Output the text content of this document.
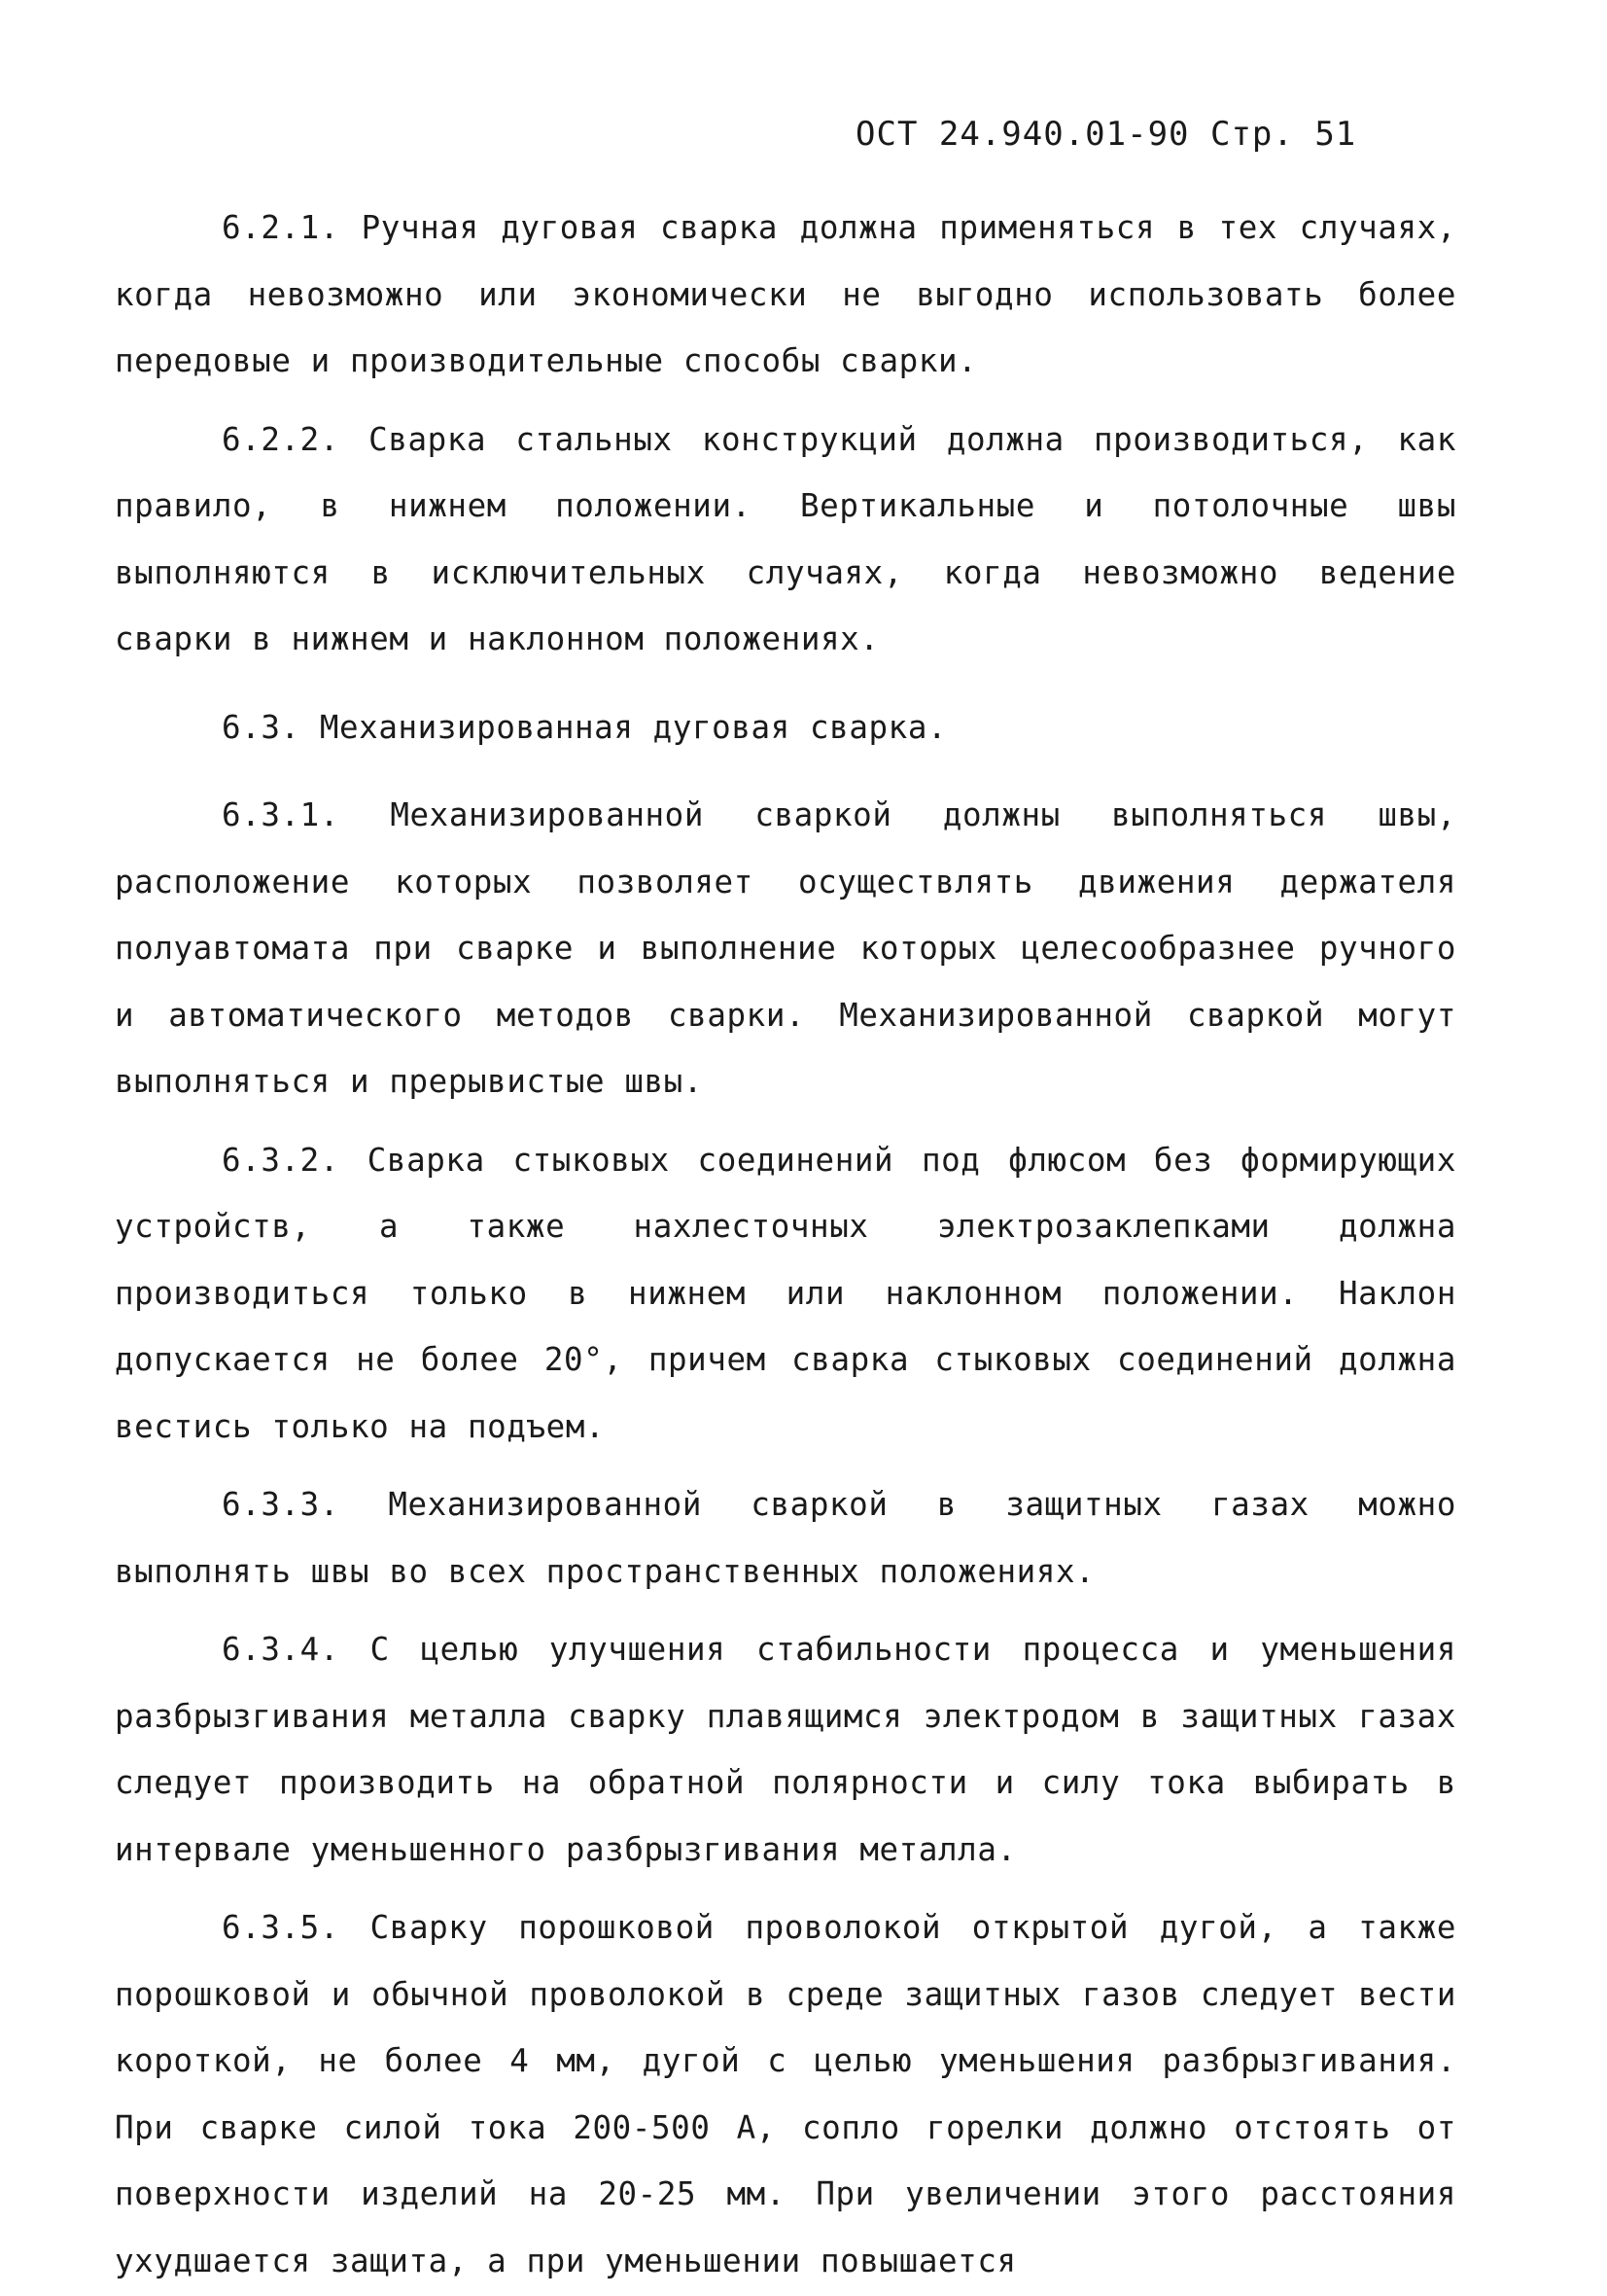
ОСТ 24.940.01-90 Стр. 51

6.2.1. Ручная дуговая сварка должна применяться в тех случаях, когда невозможно или экономически не выгодно использовать более передовые и производительные способы сварки.

6.2.2. Сварка стальных конструкций должна производиться, как правило, в нижнем положении. Вертикальные и потолочные швы выполняются в исключительных случаях, когда невозможно ведение сварки в нижнем и наклонном положениях.

6.3. Механизированная дуговая сварка.

6.3.1. Механизированной сваркой должны выполняться швы, расположение которых позволяет осуществлять движения держателя полуавтомата при сварке и выполнение которых целесообразнее ручного и автоматического методов сварки. Механизированной сваркой могут выполняться и прерывистые швы.

6.3.2. Сварка стыковых соединений под флюсом без формирующих устройств, а также нахлесточных электрозаклепками должна производиться только в нижнем или наклонном положении. Наклон допускается не более 20°, причем сварка стыковых соединений должна вестись только на подъем.

6.3.3. Механизированной сваркой в защитных газах можно выполнять швы во всех пространственных положениях.

6.3.4. С целью улучшения стабильности процесса и уменьшения разбрызгивания металла сварку плавящимся электродом в защитных газах следует производить на обратной полярности и силу тока выбирать в интервале уменьшенного разбрызгивания металла.

6.3.5. Сварку порошковой проволокой открытой дугой, а также порошковой и обычной проволокой в среде защитных газов следует вести короткой, не более 4 мм, дугой с целью уменьшения разбрызгивания. При сварке силой тока 200-500 А, сопло горелки должно отстоять от поверхности изделий на 20-25 мм. При увеличении этого расстояния ухудшается защита, а при уменьшении повышается
